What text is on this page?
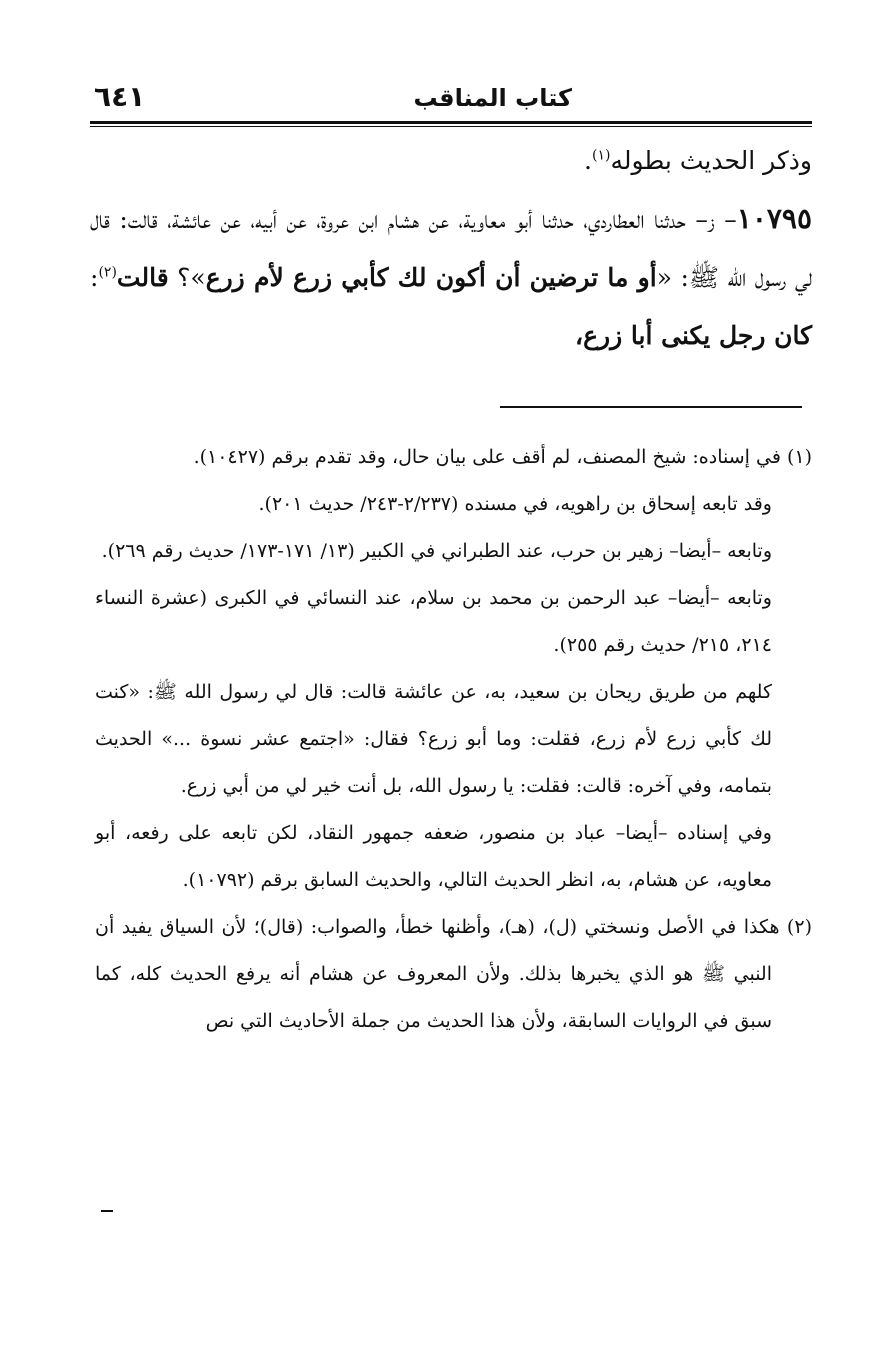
كتاب المناقب
٦٤١

وذكر الحديث بطوله$^{(١)}$.

١٠٧٩٥– ز– حدثنا العطاردي، حدثنا أبو معاوية، عن هشام ابن عروة، عن أبيه، عن عائشة، قالت: قال لي رسول الله ﷺ: «أو ما ترضين أن أكون لك كأبي زرع لأم زرع»؟ قالت$^{(٢)}$: كان رجل يكنى أبا زرع،

(١) في إسناده: شيخ المصنف، لم أقف على بيان حال، وقد تقدم برقم (١٠٤٢٧).

وقد تابعه إسحاق بن راهويه، في مسنده (٢/٢٣٧-٢٤٣/ حديث ٢٠١).

وتابعه –أيضا– زهير بن حرب، عند الطبراني في الكبير (١٣/ ١٧١-١٧٣/ حديث رقم ٢٦٩).

وتابعه –أيضا– عبد الرحمن بن محمد بن سلام، عند النسائي في الكبرى (عشرة النساء ٢١٤، ٢١٥/ حديث رقم ٢٥٥).

كلهم من طريق ريحان بن سعيد، به، عن عائشة قالت: قال لي رسول الله ﷺ: «كنت لك كأبي زرع لأم زرع، فقلت: وما أبو زرع؟ فقال: «اجتمع عشر نسوة ...» الحديث بتمامه، وفي آخره: قالت: فقلت: يا رسول الله، بل أنت خير لي من أبي زرع.

وفي إسناده –أيضا– عباد بن منصور، ضعفه جمهور النقاد، لكن تابعه على رفعه، أبو معاويه، عن هشام، به، انظر الحديث التالي، والحديث السابق برقم (١٠٧٩٢).

(٢) هكذا في الأصل ونسختي (ل)، (هـ)، وأظنها خطأ، والصواب: (قال)؛ لأن السياق يفيد أن النبي ﷺ هو الذي يخبرها بذلك. ولأن المعروف عن هشام أنه يرفع الحديث كله، كما سبق في الروايات السابقة، ولأن هذا الحديث من جملة الأحاديث التي نص
